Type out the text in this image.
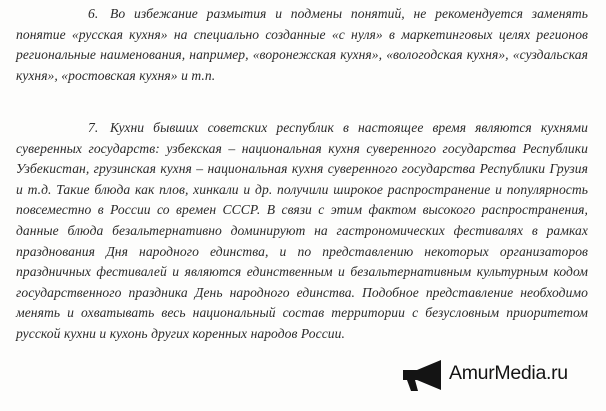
6. Во избежание размытия и подмены понятий, не рекомендуется заменять понятие «русская кухня» на специально созданные «с нуля» в маркетинговых целях регионов региональные наименования, например, «воронежская кухня», «вологодская кухня», «суздальская кухня», «ростовская кухня» и т.п.

7. Кухни бывших советских республик в настоящее время являются кухнями суверенных государств: узбекская – национальная кухня суверенного государства Республики Узбекистан, грузинская кухня – национальная кухня суверенного государства Республики Грузия и т.д. Такие блюда как плов, хинкали и др. получили широкое распространение и популярность повсеместно в России со времен СССР. В связи с этим фактом высокого распространения, данные блюда безальтернативно доминируют на гастрономических фестивалях в рамках празднования Дня народного единства, и по представлению некоторых организаторов праздничных фестивалей и являются единственным и безальтернативным культурным кодом государственного праздника День народного единства. Подобное представление необходимо менять и охватывать весь национальный состав территории с безусловным приоритетом русской кухни и кухонь других коренных народов России.

AmurMedia.ru
